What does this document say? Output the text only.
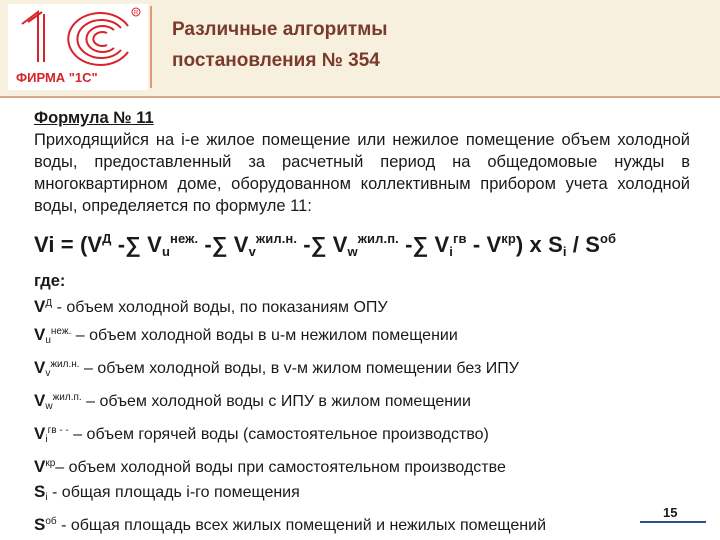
R
ФИРМА "1С"
Различные алгоритмы
постановления № 354
Формула № 11
Приходящийся на i-е жилое помещение или нежилое помещение объем холодной воды, предоставленный за расчетный период на общедомовые нужды в многоквартирном доме, оборудованном коллективным прибором учета холодной воды, определяется по формуле 11:
$Vi = (V^Д$ -∑ $V_u^{неж.}$ -∑ $V_v^{жил.н.}$ -∑ $V_w^{жил.п.}$ -∑ $V_i^{гв} - V^{кр}$) x $S_i / S^{об}$
где:
$V^Д$ - объем холодной воды, по показаниям ОПУ
$V_u^{неж.}$ – объем холодной воды в u-м нежилом помещении
$V_v^{жил.н.}$ – объем холодной воды, в v-м жилом помещении без ИПУ
$V_w^{жил.п.}$ – объем холодной воды с ИПУ в жилом помещении
$V_i^{гв - -}$ – объем горячей воды (самостоятельное производство)
$V^{кр}-$ объем холодной воды при самостоятельном производстве
$S_i$ - общая площадь i-го помещения
$S^{об}$ - общая площадь всех жилых помещений и нежилых помещений
15
